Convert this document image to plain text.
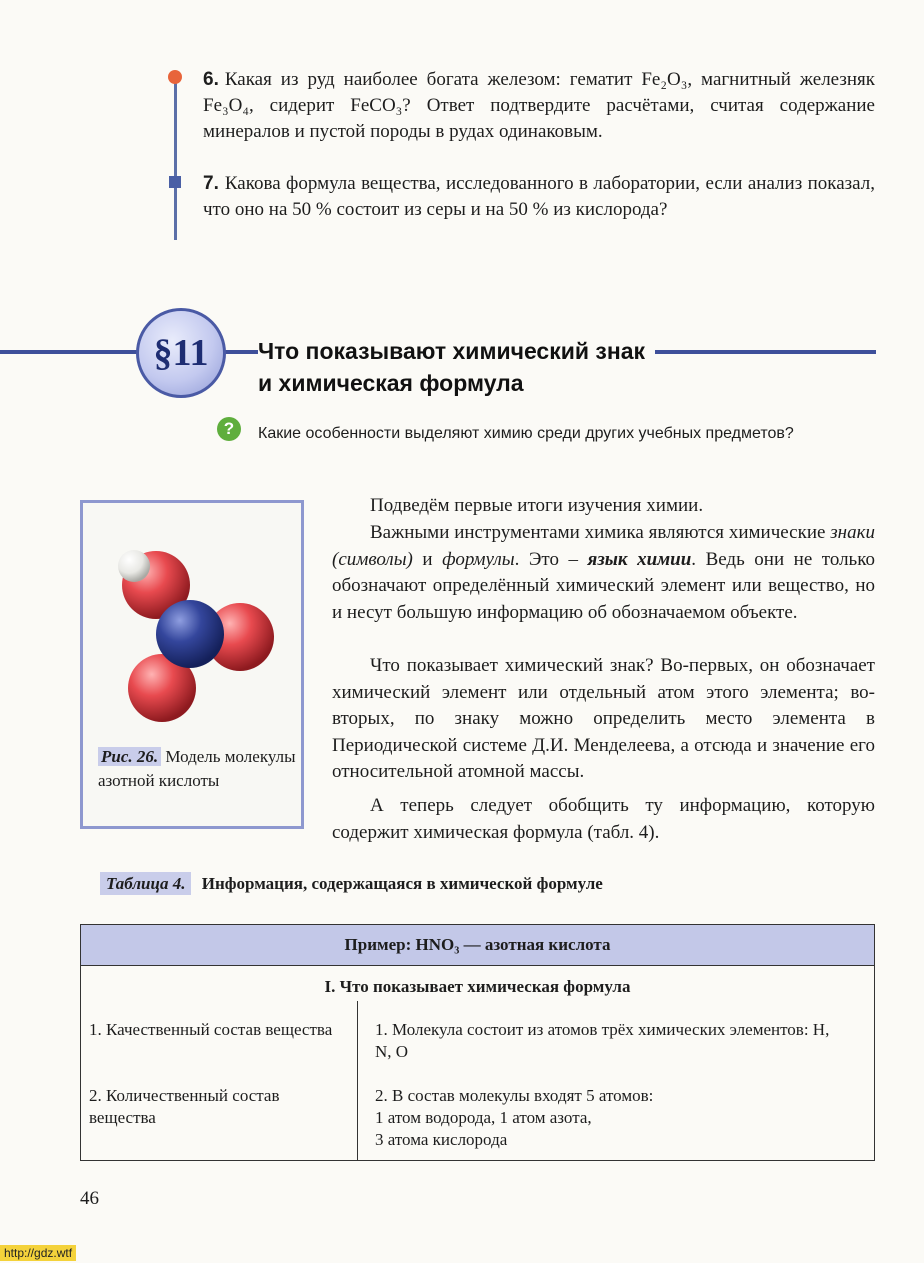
6. Какая из руд наиболее богата железом: гематит Fe₂O₃, магнитный железняк Fe₃O₄, сидерит FeCO₃? Ответ подтвердите расчётами, считая содержание минералов и пустой породы в рудах одинаковым.
7. Какова формула вещества, исследованного в лаборатории, если анализ показал, что оно на 50 % состоит из серы и на 50 % из кислорода?
§11	Что показывают химический знак
и химическая формула
?	Какие особенности выделяют химию среди других учебных предметов?
Рис. 26. Модель молекулы азотной кислоты
Подведём первые итоги изучения химии.
Важными инструментами химика являются химические знаки (символы) и формулы. Это – язык химии. Ведь они не только обозначают определённый химический элемент или вещество, но и несут большую информацию об обозначаемом объекте.
Что показывает химический знак? Во-первых, он обозначает химический элемент или отдельный атом этого элемента; во-вторых, по знаку можно определить место элемента в Периодической системе Д.И. Менделеева, а отсюда и значение его относительной атомной массы.
А теперь следует обобщить ту информацию, которую содержит химическая формула (табл. 4).
Таблица 4. Информация, содержащаяся в химической формуле
Пример: HNO₃ — азотная кислота
I. Что показывает химическая формула
1. Качественный состав вещества	1. Молекула состоит из атомов трёх химических элементов: H, N, O
2. Количественный состав вещества
2. В состав молекулы входят 5 атомов:
1 атом водорода, 1 атом азота,
3 атома кислорода
46
http://gdz.wtf
